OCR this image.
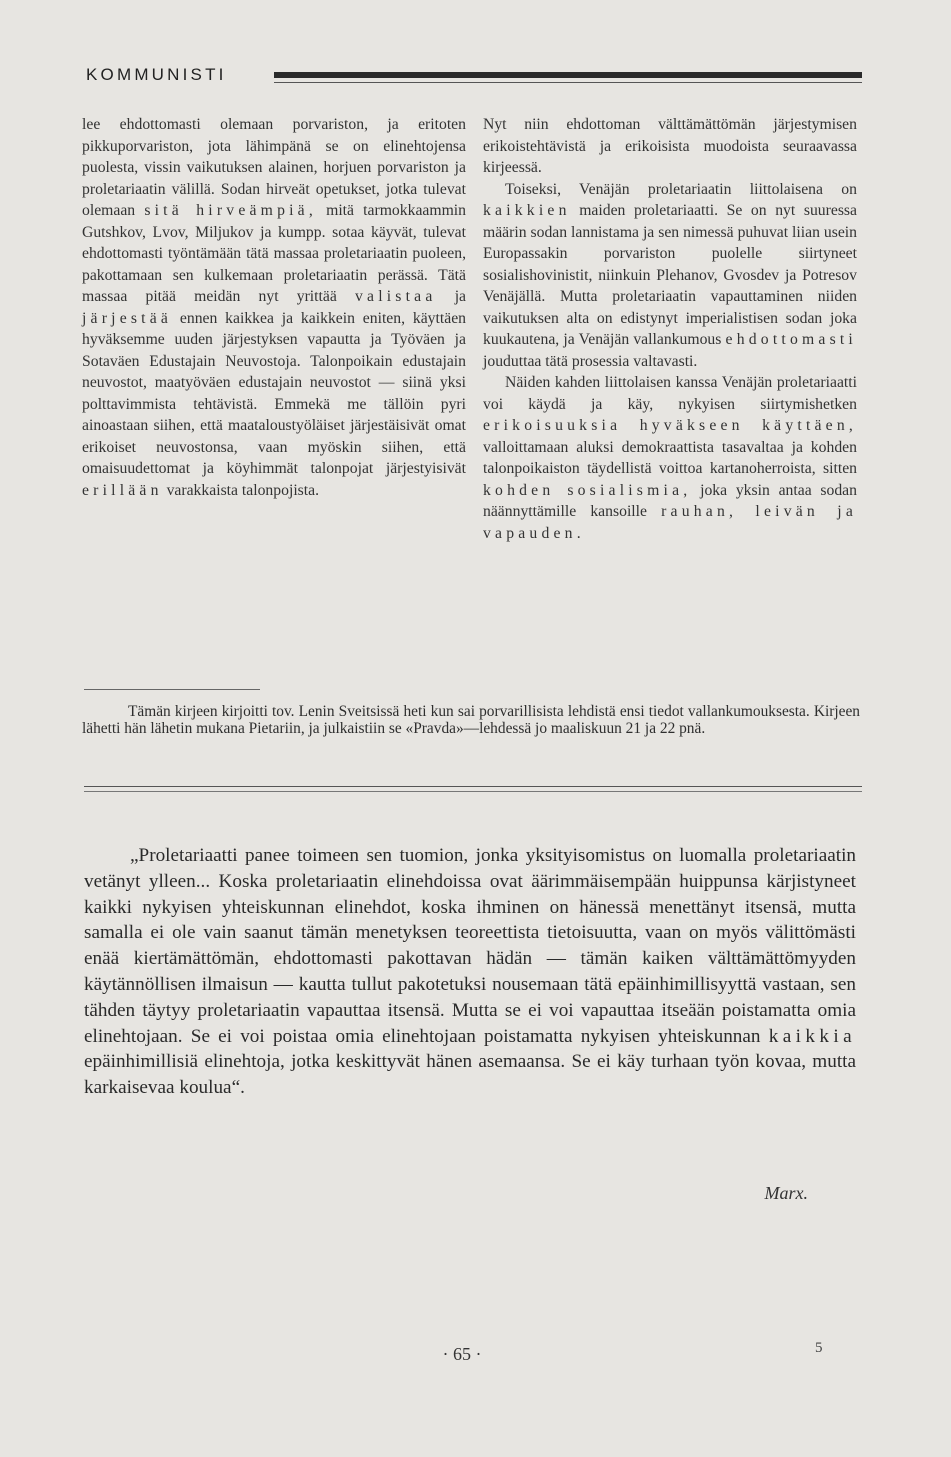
KOMMUNISTI

lee ehdottomasti olemaan porvariston, ja eritoten pikkuporvariston, jota lähimpänä se on elinehtojensa puolesta, vissin vaikutuksen alainen, horjuen porvariston ja proletariaatin välillä. Sodan hirveät opetukset, jotka tulevat olemaan sitä hirveämpiä, mitä tarmokkaammin Gutshkov, Lvov, Miljukov ja kumpp. sotaa käyvät, tulevat ehdottomasti työntämään tätä massaa proletariaatin puoleen, pakottamaan sen kulkemaan proletariaatin perässä. Tätä massaa pitää meidän nyt yrittää valistaa ja järjestää ennen kaikkea ja kaikkein eniten, käyttäen hyväksemme uuden järjestyksen vapautta ja Työväen ja Sotaväen Edustajain Neuvostoja. Talonpoikain edustajain neuvostot, maatyöväen edustajain neuvostot — siinä yksi polttavimmista tehtävistä. Emmekä me tällöin pyri ainoastaan siihen, että maataloustyöläiset järjestäisivät omat erikoiset neuvostonsa, vaan myöskin siihen, että omaisuudettomat ja köyhimmät talonpojat järjestyisivät erillään varakkaista talonpojista.

Nyt niin ehdottoman välttämättömän järjestymisen erikoistehtävistä ja erikoisista muodoista seuraavassa kirjeessä.

Toiseksi, Venäjän proletariaatin liittolaisena on kaikkien maiden proletariaatti. Se on nyt suuressa määrin sodan lannistama ja sen nimessä puhuvat liian usein Europassakin porvariston puolelle siirtyneet sosialishovinistit, niinkuin Plehanov, Gvosdev ja Potresov Venäjällä. Mutta proletariaatin vapauttaminen niiden vaikutuksen alta on edistynyt imperialistisen sodan joka kuukautena, ja Venäjän vallankumous ehdottomasti jouduttaa tätä prosessia valtavasti.

Näiden kahden liittolaisen kanssa Venäjän proletariaatti voi käydä ja käy, nykyisen siirtymishetken erikoisuuksia hyväkseen käyttäen, valloittamaan aluksi demokraattista tasavaltaa ja kohden talonpoikaiston täydellistä voittoa kartanoherroista, sitten kohden sosialismia, joka yksin antaa sodan näännyttämille kansoille rauhan, leivän ja vapauden.

Tämän kirjeen kirjoitti tov. Lenin Sveitsissä heti kun sai porvarillisista lehdistä ensi tiedot vallankumouksesta. Kirjeen lähetti hän lähetin mukana Pietariin, ja julkaistiin se «Pravda»—lehdessä jo maaliskuun 21 ja 22 pnä.

„Proletariaatti panee toimeen sen tuomion, jonka yksityisomistus on luomalla proletariaatin vetänyt ylleen... Koska proletariaatin elinehdoissa ovat äärimmäisempään huippunsa kärjistyneet kaikki nykyisen yhteiskunnan elinehdot, koska ihminen on hänessä menettänyt itsensä, mutta samalla ei ole vain saanut tämän menetyksen teoreettista tietoisuutta, vaan on myös välittömästi enää kiertämättömän, ehdottomasti pakottavan hädän — tämän kaiken välttämättömyyden käytännöllisen ilmaisun — kautta tullut pakotetuksi nousemaan tätä epäinhimillisyyttä vastaan, sen tähden täytyy proletariaatin vapauttaa itsensä. Mutta se ei voi vapauttaa itseään poistamatta omia elinehtojaan. Se ei voi poistaa omia elinehtojaan poistamatta nykyisen yhteiskunnan kaikkia epäinhimillisiä elinehtoja, jotka keskittyvät hänen asemaansa. Se ei käy turhaan työn kovaa, mutta karkaisevaa koulua“.

Marx.
· 65 ·	5
